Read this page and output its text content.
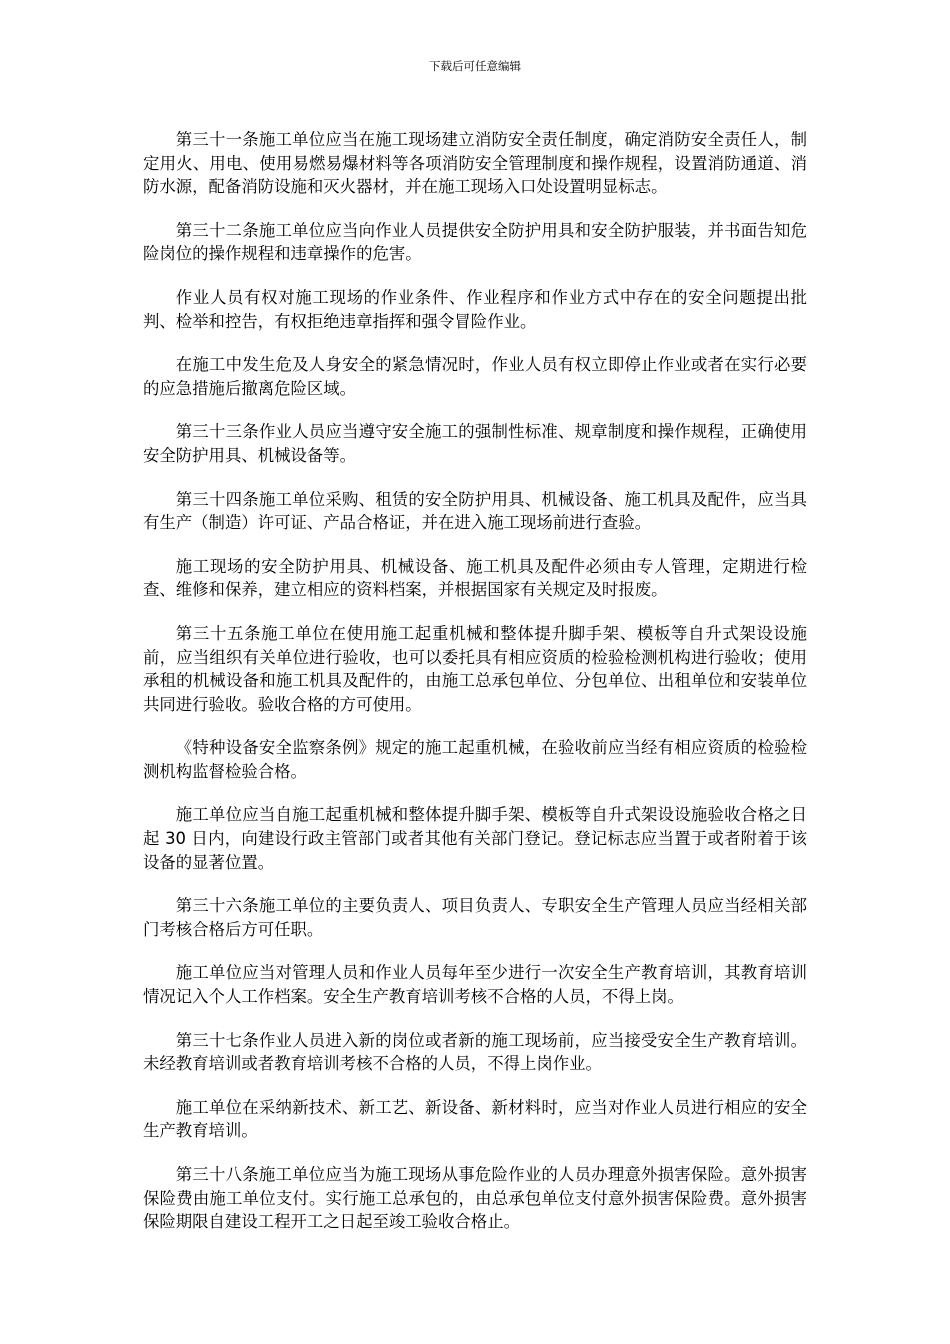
下载后可任意编辑

第三十一条施工单位应当在施工现场建立消防安全责任制度，确定消防安全责任人，制定用火、用电、使用易燃易爆材料等各项消防安全管理制度和操作规程，设置消防通道、消防水源，配备消防设施和灭火器材，并在施工现场入口处设置明显标志。

第三十二条施工单位应当向作业人员提供安全防护用具和安全防护服装，并书面告知危险岗位的操作规程和违章操作的危害。

作业人员有权对施工现场的作业条件、作业程序和作业方式中存在的安全问题提出批判、检举和控告，有权拒绝违章指挥和强令冒险作业。

在施工中发生危及人身安全的紧急情况时，作业人员有权立即停止作业或者在实行必要的应急措施后撤离危险区域。

第三十三条作业人员应当遵守安全施工的强制性标准、规章制度和操作规程，正确使用安全防护用具、机械设备等。

第三十四条施工单位采购、租赁的安全防护用具、机械设备、施工机具及配件，应当具有生产（制造）许可证、产品合格证，并在进入施工现场前进行查验。

施工现场的安全防护用具、机械设备、施工机具及配件必须由专人管理，定期进行检查、维修和保养，建立相应的资料档案，并根据国家有关规定及时报废。

第三十五条施工单位在使用施工起重机械和整体提升脚手架、模板等自升式架设设施前，应当组织有关单位进行验收，也可以委托具有相应资质的检验检测机构进行验收；使用承租的机械设备和施工机具及配件的，由施工总承包单位、分包单位、出租单位和安装单位共同进行验收。验收合格的方可使用。

《特种设备安全监察条例》规定的施工起重机械，在验收前应当经有相应资质的检验检测机构监督检验合格。

施工单位应当自施工起重机械和整体提升脚手架、模板等自升式架设设施验收合格之日起 30 日内，向建设行政主管部门或者其他有关部门登记。登记标志应当置于或者附着于该设备的显著位置。

第三十六条施工单位的主要负责人、项目负责人、专职安全生产管理人员应当经相关部门考核合格后方可任职。

施工单位应当对管理人员和作业人员每年至少进行一次安全生产教育培训，其教育培训情况记入个人工作档案。安全生产教育培训考核不合格的人员，不得上岗。

第三十七条作业人员进入新的岗位或者新的施工现场前，应当接受安全生产教育培训。未经教育培训或者教育培训考核不合格的人员，不得上岗作业。

施工单位在采纳新技术、新工艺、新设备、新材料时，应当对作业人员进行相应的安全生产教育培训。

第三十八条施工单位应当为施工现场从事危险作业的人员办理意外损害保险。意外损害保险费由施工单位支付。实行施工总承包的，由总承包单位支付意外损害保险费。意外损害保险期限自建设工程开工之日起至竣工验收合格止。
